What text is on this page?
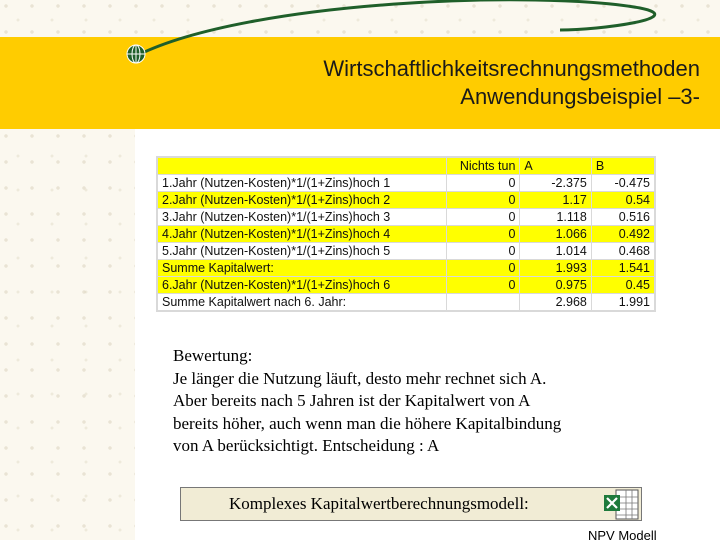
Wirtschaftlichkeitsrechnungsmethoden
Anwendungsbeispiel –3-
	Nichts tun	A	B
1.Jahr (Nutzen-Kosten)*1/(1+Zins)hoch 1	0	-2.375	-0.475
2.Jahr (Nutzen-Kosten)*1/(1+Zins)hoch 2	0	1.17	0.54
3.Jahr (Nutzen-Kosten)*1/(1+Zins)hoch 3	0	1.118	0.516
4.Jahr (Nutzen-Kosten)*1/(1+Zins)hoch 4	0	1.066	0.492
5.Jahr (Nutzen-Kosten)*1/(1+Zins)hoch 5	0	1.014	0.468
Summe Kapitalwert:	0	1.993	1.541
6.Jahr (Nutzen-Kosten)*1/(1+Zins)hoch 6	0	0.975	0.45
Summe Kapitalwert nach 6. Jahr:		2.968	1.991
Bewertung:
Je länger die Nutzung läuft, desto mehr rechnet sich A.
Aber bereits nach 5 Jahren ist der Kapitalwert von A
bereits höher, auch wenn man die höhere Kapitalbindung
von A berücksichtigt. Entscheidung : A
Komplexes Kapitalwertberechnungsmodell:
NPV Modell
